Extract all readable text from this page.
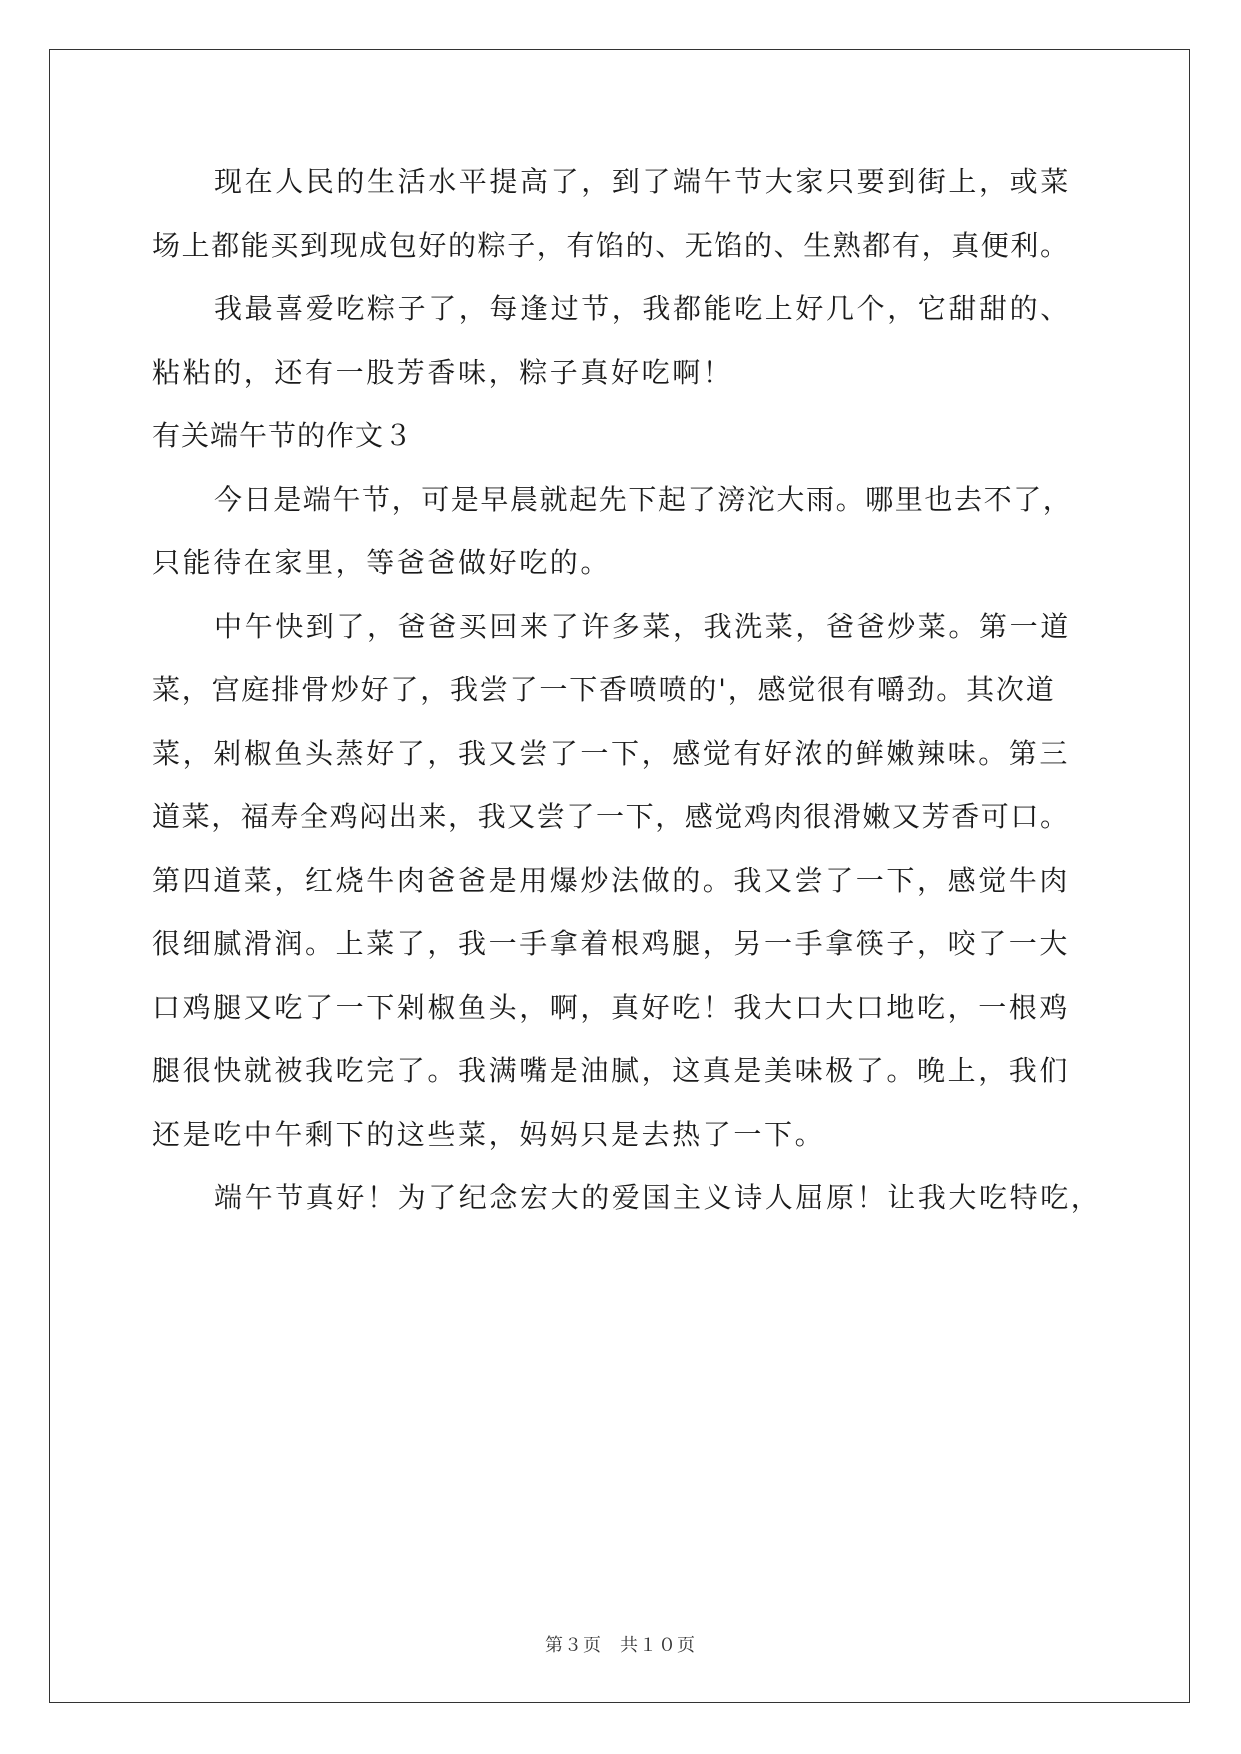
现在人民的生活水平提高了，到了端午节大家只要到街上，或菜
场上都能买到现成包好的粽子，有馅的、无馅的、生熟都有，真便利。
我最喜爱吃粽子了，每逢过节，我都能吃上好几个，它甜甜的、
粘粘的，还有一股芳香味，粽子真好吃啊！
有关端午节的作文３
今日是端午节，可是早晨就起先下起了滂沱大雨。哪里也去不了，
只能待在家里，等爸爸做好吃的。
中午快到了，爸爸买回来了许多菜，我洗菜，爸爸炒菜。第一道
菜，宫庭排骨炒好了，我尝了一下香喷喷的'，感觉很有嚼劲。其次道
菜，剁椒鱼头蒸好了，我又尝了一下，感觉有好浓的鲜嫩辣味。第三
道菜，福寿全鸡闷出来，我又尝了一下，感觉鸡肉很滑嫩又芳香可口。
第四道菜，红烧牛肉爸爸是用爆炒法做的。我又尝了一下，感觉牛肉
很细腻滑润。上菜了，我一手拿着根鸡腿，另一手拿筷子，咬了一大
口鸡腿又吃了一下剁椒鱼头，啊，真好吃！我大口大口地吃，一根鸡
腿很快就被我吃完了。我满嘴是油腻，这真是美味极了。晚上，我们
还是吃中午剩下的这些菜，妈妈只是去热了一下。
端午节真好！为了纪念宏大的爱国主义诗人屈原！让我大吃特吃，
第３页 共１０页
